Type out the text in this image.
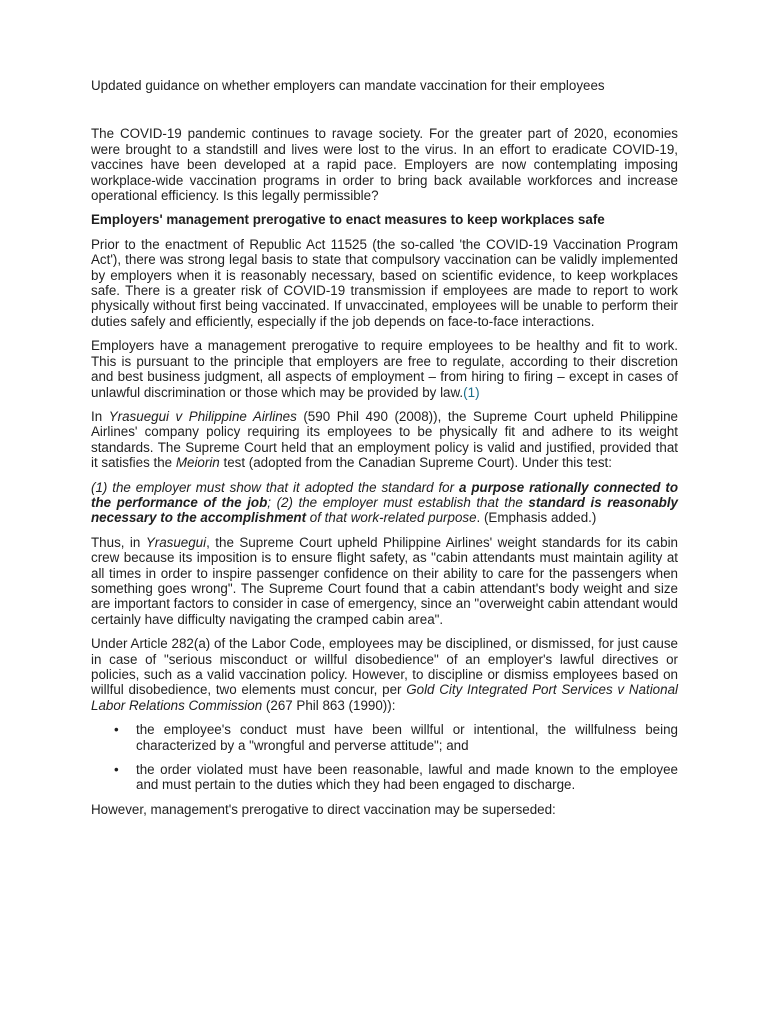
Updated guidance on whether employers can mandate vaccination for their employees

The COVID-19 pandemic continues to ravage society. For the greater part of 2020, economies were brought to a standstill and lives were lost to the virus. In an effort to eradicate COVID-19, vaccines have been developed at a rapid pace. Employers are now contemplating imposing workplace-wide vaccination programs in order to bring back available workforces and increase operational efficiency. Is this legally permissible?

Employers' management prerogative to enact measures to keep workplaces safe

Prior to the enactment of Republic Act 11525 (the so-called 'the COVID-19 Vaccination Program Act'), there was strong legal basis to state that compulsory vaccination can be validly implemented by employers when it is reasonably necessary, based on scientific evidence, to keep workplaces safe. There is a greater risk of COVID-19 transmission if employees are made to report to work physically without first being vaccinated. If unvaccinated, employees will be unable to perform their duties safely and efficiently, especially if the job depends on face-to-face interactions.

Employers have a management prerogative to require employees to be healthy and fit to work. This is pursuant to the principle that employers are free to regulate, according to their discretion and best business judgment, all aspects of employment – from hiring to firing – except in cases of unlawful discrimination or those which may be provided by law.(1)

In Yrasuegui v Philippine Airlines (590 Phil 490 (2008)), the Supreme Court upheld Philippine Airlines' company policy requiring its employees to be physically fit and adhere to its weight standards. The Supreme Court held that an employment policy is valid and justified, provided that it satisfies the Meiorin test (adopted from the Canadian Supreme Court). Under this test:

(1) the employer must show that it adopted the standard for a purpose rationally connected to the performance of the job; (2) the employer must establish that the standard is reasonably necessary to the accomplishment of that work-related purpose. (Emphasis added.)

Thus, in Yrasuegui, the Supreme Court upheld Philippine Airlines' weight standards for its cabin crew because its imposition is to ensure flight safety, as "cabin attendants must maintain agility at all times in order to inspire passenger confidence on their ability to care for the passengers when something goes wrong". The Supreme Court found that a cabin attendant's body weight and size are important factors to consider in case of emergency, since an "overweight cabin attendant would certainly have difficulty navigating the cramped cabin area".

Under Article 282(a) of the Labor Code, employees may be disciplined, or dismissed, for just cause in case of "serious misconduct or willful disobedience" of an employer's lawful directives or policies, such as a valid vaccination policy. However, to discipline or dismiss employees based on willful disobedience, two elements must concur, per Gold City Integrated Port Services v National Labor Relations Commission (267 Phil 863 (1990)):

• the employee's conduct must have been willful or intentional, the willfulness being characterized by a "wrongful and perverse attitude"; and
• the order violated must have been reasonable, lawful and made known to the employee and must pertain to the duties which they had been engaged to discharge.

However, management's prerogative to direct vaccination may be superseded:
